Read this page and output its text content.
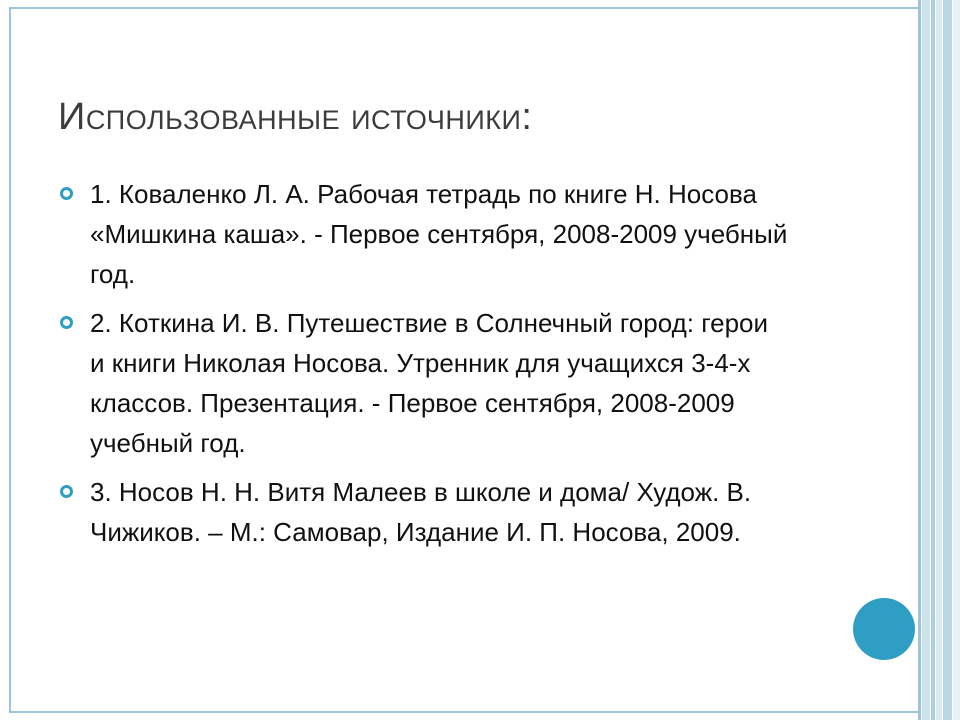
Использованные источники:
1. Коваленко Л. А. Рабочая тетрадь по книге Н. Носова «Мишкина каша». - Первое сентября, 2008-2009 учебный год.
2. Коткина И. В. Путешествие в Солнечный город: герои и книги Николая Носова. Утренник для учащихся 3-4-х классов. Презентация. - Первое сентября, 2008-2009 учебный год.
3. Носов Н. Н. Витя Малеев в школе и дома/ Худож. В. Чижиков. – М.: Самовар, Издание И. П. Носова, 2009.
